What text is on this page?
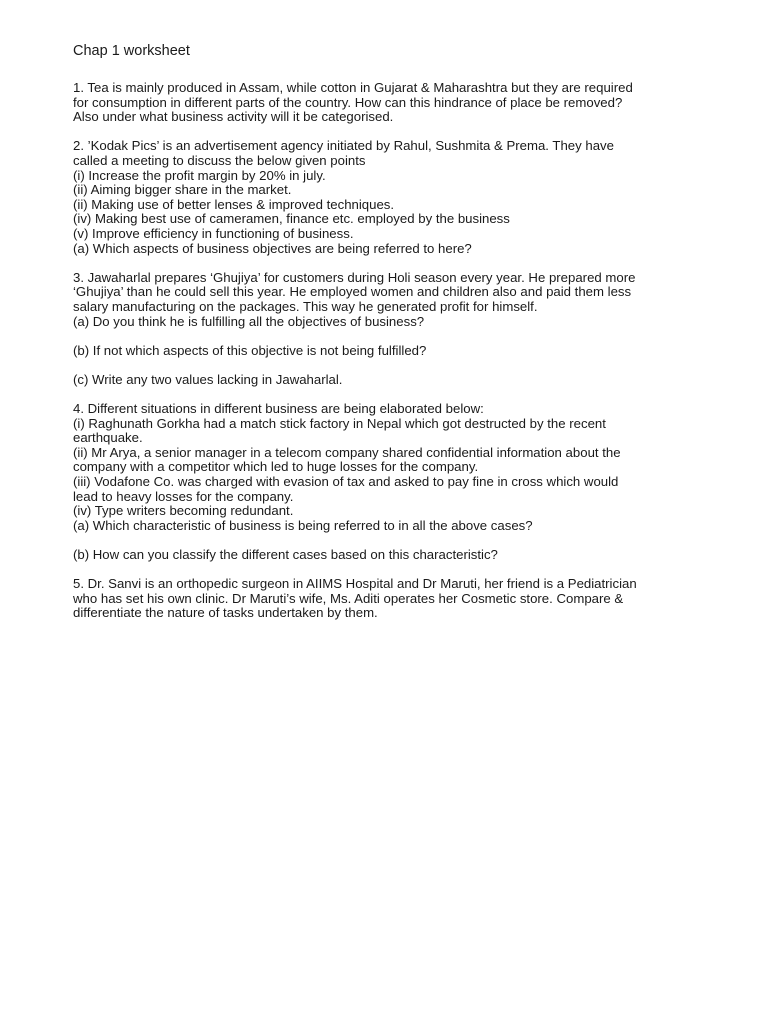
Chap 1 worksheet
1. Tea is mainly produced in Assam, while cotton in Gujarat & Maharashtra but they are required
for consumption in different parts of the country. How can this hindrance of place be removed?
Also under what business activity will it be categorised.
2. ’Kodak Pics’ is an advertisement agency initiated by Rahul, Sushmita & Prema. They have
called a meeting to discuss the below given points
(i) Increase the profit margin by 20% in july.
(ii) Aiming bigger share in the market.
(ii) Making use of better lenses & improved techniques.
(iv) Making best use of cameramen, finance etc. employed by the business
(v) Improve efficiency in functioning of business.
(a) Which aspects of business objectives are being referred to here?
3. Jawaharlal prepares ‘Ghujiya’ for customers during Holi season every year. He prepared more
‘Ghujiya’ than he could sell this year. He employed women and children also and paid them less
salary manufacturing on the packages. This way he generated profit for himself.
(a) Do you think he is fulfilling all the objectives of business?
(b) If not which aspects of this objective is not being fulfilled?
(c) Write any two values lacking in Jawaharlal.
4. Different situations in different business are being elaborated below:
(i) Raghunath Gorkha had a match stick factory in Nepal which got destructed by the recent
earthquake.
(ii) Mr Arya, a senior manager in a telecom company shared confidential information about the
company with a competitor which led to huge losses for the company.
(iii) Vodafone Co. was charged with evasion of tax and asked to pay fine in cross which would
lead to heavy losses for the company.
(iv) Type writers becoming redundant.
(a) Which characteristic of business is being referred to in all the above cases?
(b) How can you classify the different cases based on this characteristic?
5. Dr. Sanvi is an orthopedic surgeon in AIIMS Hospital and Dr Maruti, her friend is a Pediatrician
who has set his own clinic. Dr Maruti’s wife, Ms. Aditi operates her Cosmetic store. Compare &
differentiate the nature of tasks undertaken by them.
